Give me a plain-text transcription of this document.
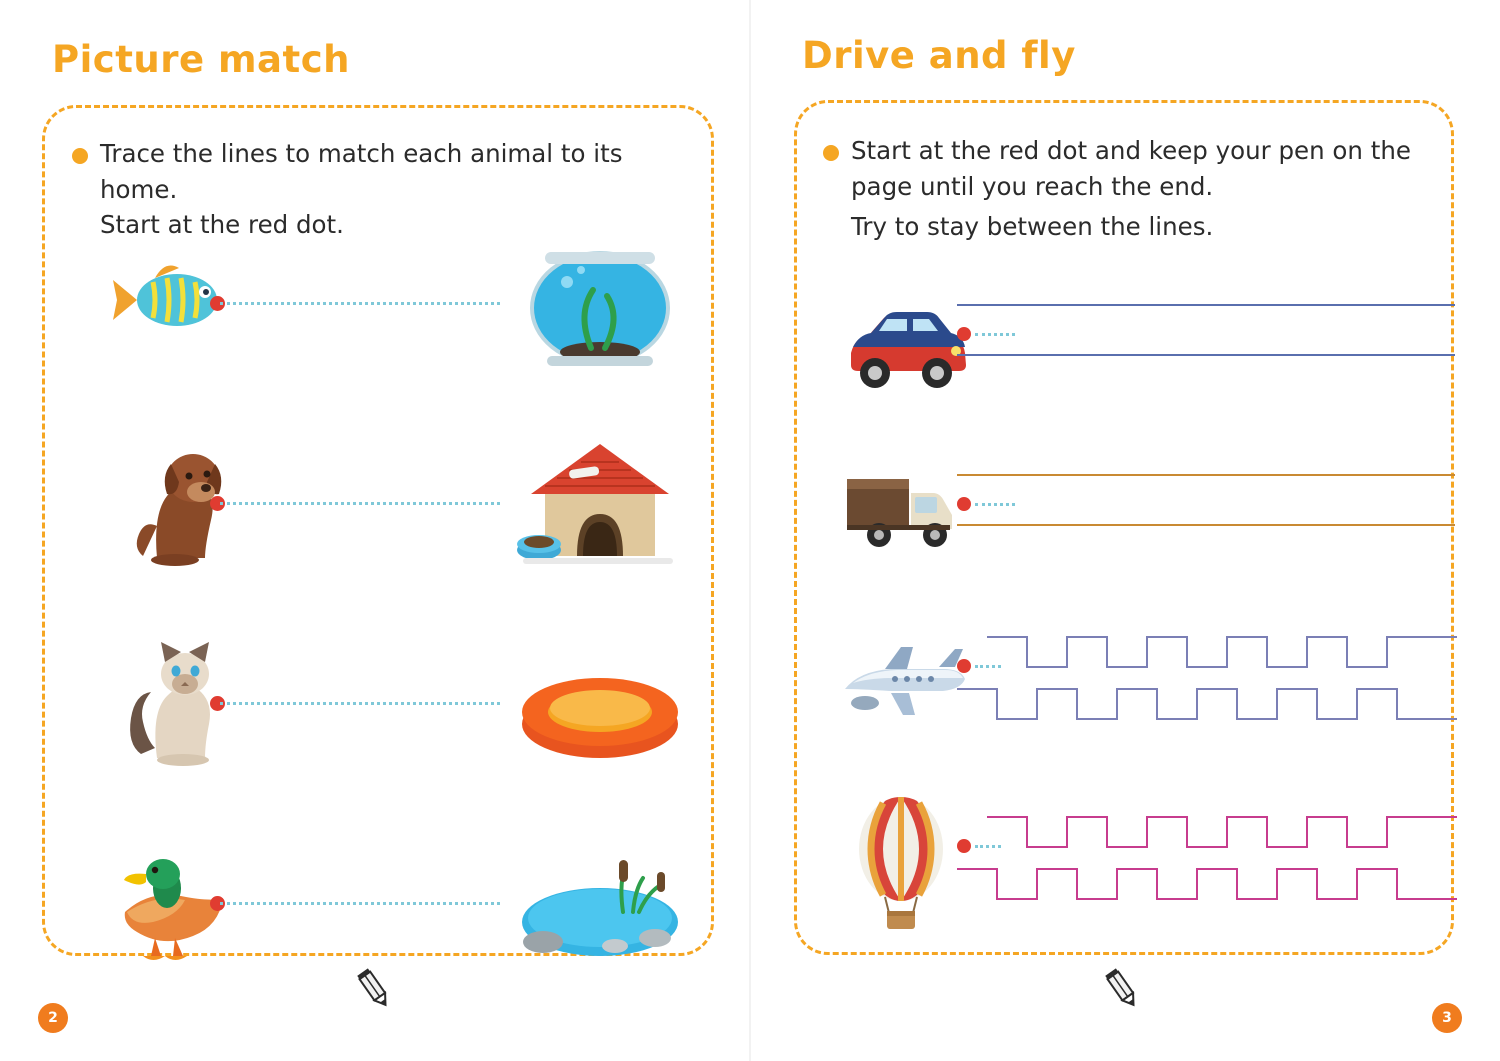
Picture match
Trace the lines to match each animal to its home.
Start at the red dot.
2
Drive and fly
Start at the red dot and keep your pen on the
page until you reach the end.
Try to stay between the lines.
3
